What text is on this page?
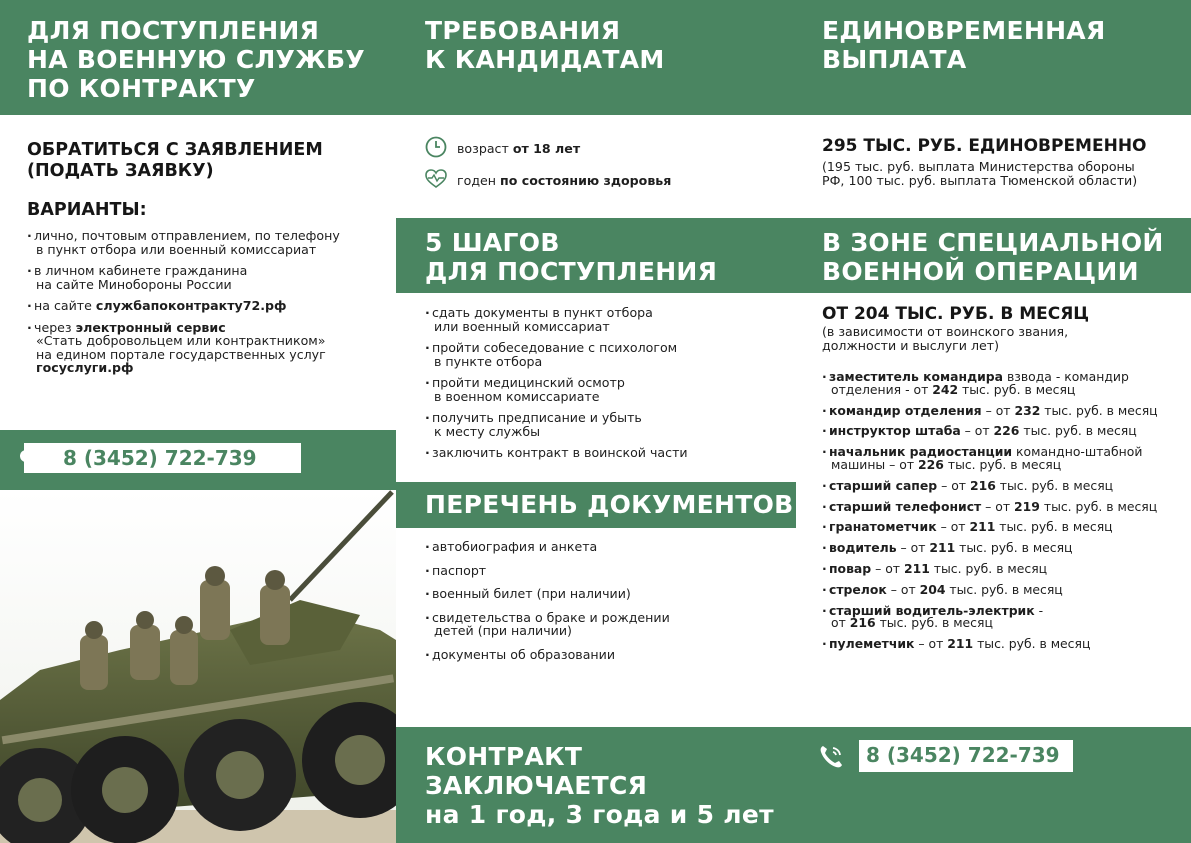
ДЛЯ ПОСТУПЛЕНИЯ
НА ВОЕННУЮ СЛУЖБУ
ПО КОНТРАКТУ
ТРЕБОВАНИЯ
К КАНДИДАТАМ
ЕДИНОВРЕМЕННАЯ
ВЫПЛАТА
ОБРАТИТЬСЯ С ЗАЯВЛЕНИЕМ
(ПОДАТЬ ЗАЯВКУ)
ВАРИАНТЫ:
· лично, почтовым отправлением, по телефону
в пункт отбора или военный комиссариат
· в личном кабинете гражданина
на сайте Минобороны России
· на сайте службапоконтракту72.рф
· через электронный сервис
«Стать добровольцем или контрактником»
на едином портале государственных услуг
госуслуги.рф
8 (3452) 722-739
возраст от 18 лет
годен по состоянию здоровья
5 ШАГОВ
ДЛЯ ПОСТУПЛЕНИЯ
· сдать документы в пункт отбора
или военный комиссариат
· пройти собеседование с психологом
в пункте отбора
· пройти медицинский осмотр
в военном комиссариате
· получить предписание и убыть
к месту службы
· заключить контракт в воинской части
ПЕРЕЧЕНЬ ДОКУМЕНТОВ
· автобиография и анкета
· паспорт
· военный билет (при наличии)
· свидетельства о браке и рождении
детей (при наличии)
· документы об образовании
295 ТЫС. РУБ. ЕДИНОВРЕМЕННО
(195 тыс. руб. выплата Министерства обороны
РФ, 100 тыс. руб. выплата Тюменской области)
В ЗОНЕ СПЕЦИАЛЬНОЙ
ВОЕННОЙ ОПЕРАЦИИ
ОТ 204 ТЫС. РУБ. В МЕСЯЦ
(в зависимости от воинского звания,
должности и выслуги лет)
· заместитель командира взвода - командир
отделения - от 242 тыс. руб. в месяц
· командир отделения – от 232 тыс. руб. в месяц
· инструктор штаба – от 226 тыс. руб. в месяц
· начальник радиостанции командно-штабной
машины – от 226 тыс. руб. в месяц
· старший сапер – от 216 тыс. руб. в месяц
· старший телефонист – от 219 тыс. руб. в месяц
· гранатометчик – от 211 тыс. руб. в месяц
· водитель – от 211 тыс. руб. в месяц
· повар – от 211 тыс. руб. в месяц
· стрелок – от 204 тыс. руб. в месяц
· старший водитель-электрик -
от 216 тыс. руб. в месяц
· пулеметчик – от 211 тыс. руб. в месяц
КОНТРАКТ
ЗАКЛЮЧАЕТСЯ
на 1 год, 3 года и 5 лет
8 (3452) 722-739
